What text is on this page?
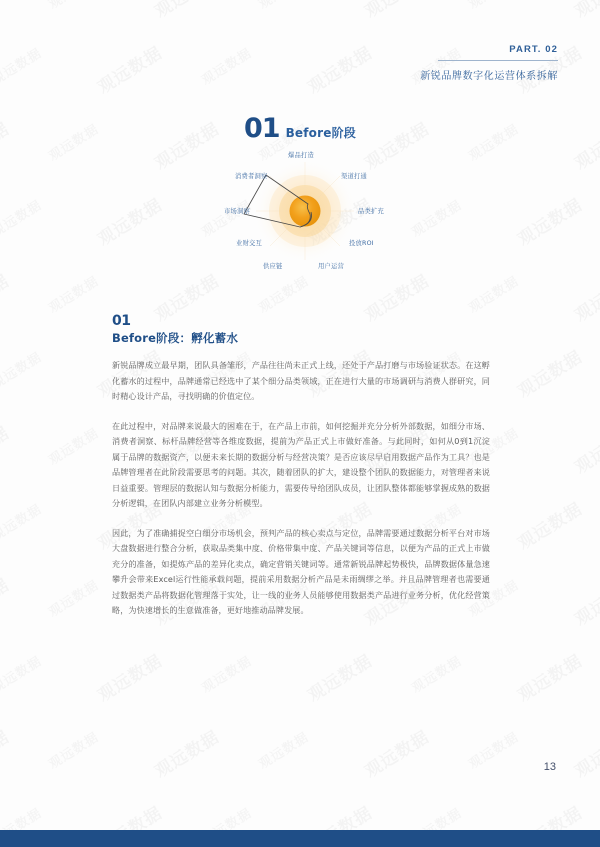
PART. 02
新锐品牌数字化运营体系拆解
01 Before阶段
爆品打造
渠道打通
品类扩充
投放ROI
用户运营
供应链
业财交互
市场洞察
消费者洞察
01
Before阶段：孵化蓄水

新锐品牌成立最早期，团队具备雏形，产品往往尚未正式上线，还处于产品打磨与市场验证状态。在这孵化蓄水的过程中，品牌通常已经选中了某个细分品类领域，正在进行大量的市场调研与消费人群研究，同时精心设计产品，寻找明确的价值定位。

在此过程中，对品牌来说最大的困难在于，在产品上市前，如何挖掘并充分分析外部数据，如细分市场、消费者洞察、标杆品牌经营等各维度数据，提前为产品正式上市做好准备。与此同时，如何从0到1沉淀属于品牌的数据资产，以便未来长期的数据分析与经营决策？是否应该尽早启用数据产品作为工具？也是品牌管理者在此阶段需要思考的问题。其次，随着团队的扩大，建设整个团队的数据能力，对管理者来说日益重要。管理层的数据认知与数据分析能力，需要传导给团队成员，让团队整体都能够掌握成熟的数据分析逻辑，在团队内部建立业务分析模型。

因此，为了准确捕捉空白细分市场机会，预判产品的核心卖点与定位，品牌需要通过数据分析平台对市场大盘数据进行整合分析，获取品类集中度、价格带集中度、产品关键词等信息，以便为产品的正式上市做充分的准备，如提炼产品的差异化卖点，确定营销关键词等。通常新锐品牌起势极快，品牌数据体量急速攀升会带来Excel运行性能承载问题，提前采用数据分析产品是未雨绸缪之举。并且品牌管理者也需要通过数据类产品将数据化管理落于实处，让一线的业务人员能够使用数据类产品进行业务分析，优化经营策略，为快速增长的生意做准备，更好地推动品牌发展。

13
